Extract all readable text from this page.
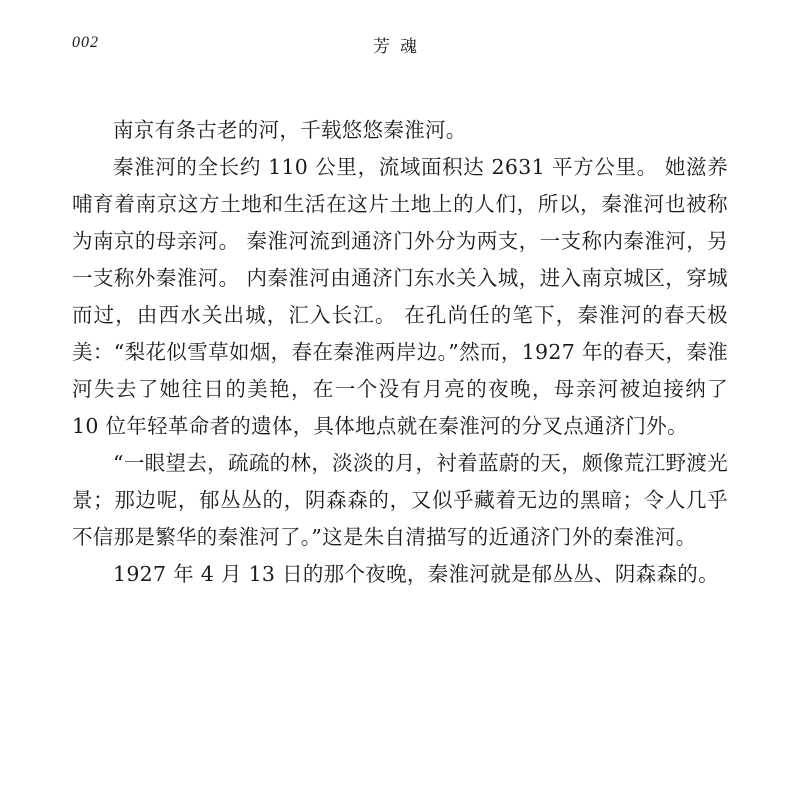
002	芳魂

南京有条古老的河，千载悠悠秦淮河。

秦淮河的全长约 110 公里，流域面积达 2631 平方公里。 她滋养哺育着南京这方土地和生活在这片土地上的人们，所以，秦淮河也被称为南京的母亲河。 秦淮河流到通济门外分为两支，一支称内秦淮河，另一支称外秦淮河。 内秦淮河由通济门东水关入城，进入南京城区，穿城而过，由西水关出城，汇入长江。 在孔尚任的笔下，秦淮河的春天极美：“梨花似雪草如烟，春在秦淮两岸边。”然而，1927 年的春天，秦淮河失去了她往日的美艳，在一个没有月亮的夜晚，母亲河被迫接纳了 10 位年轻革命者的遗体，具体地点就在秦淮河的分叉点通济门外。

“一眼望去，疏疏的林，淡淡的月，衬着蓝蔚的天，颇像荒江野渡光景；那边呢，郁丛丛的，阴森森的，又似乎藏着无边的黑暗；令人几乎不信那是繁华的秦淮河了。”这是朱自清描写的近通济门外的秦淮河。

1927 年 4 月 13 日的那个夜晚，秦淮河就是郁丛丛、阴森森的。
